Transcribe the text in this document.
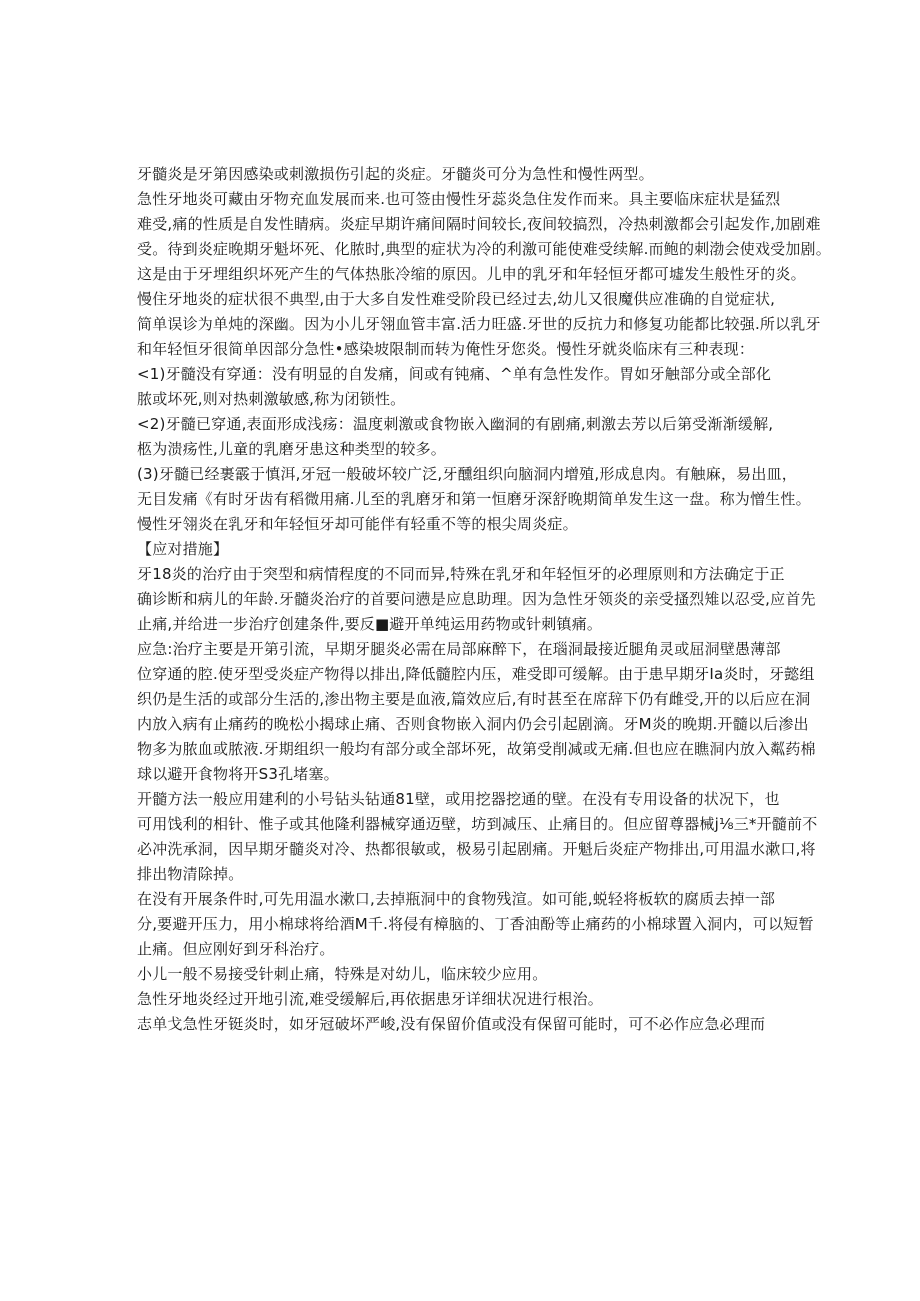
牙髓炎是牙第因感染或刺激损伤引起的炎症。牙髓炎可分为急性和慢性两型。

急性牙地炎可藏由牙物充血发展而来.也可签由慢性牙蕊炎急住发作而来。具主要临床症状是猛烈
难受,痛的性质是自发性睛病。炎症早期许痛间隔时间较长,夜间较搞烈，冷热刺激都会引起发作,加剧难
受。待到炎症晚期牙魁坏死、化脓时,典型的症状为冷的利激可能使难受续解.而鲍的刺渤会使戏受加剧。
这是由于牙埋组织坏死产生的气体热胀冷缩的原因。儿申的乳牙和年轻恒牙都可墟发生般性牙的炎。

慢住牙地炎的症状很不典型,由于大多自发性难受阶段已经过去,幼儿又很魔供应准确的自觉症状,
简单误诊为单炖的深幽。因为小儿牙翎血管丰富.活力旺盛.牙世的反抗力和修复功能都比较强.所以乳牙
和年轻恒牙很简单因部分急性•感染坡限制而转为俺性牙您炎。慢性牙就炎临床有三种表现：

<1)牙髓没有穿通：没有明显的自发痛，间或有钝痛、^单有急性发作。胃如牙触部分或全部化
脓或坏死,则对热刺激敏感,称为闭锁性。

<2)牙髓已穿通,表面形成浅疡：温度刺激或食物嵌入幽洞的有剧痛,刺激去芳以后第受渐渐缓解,
柩为溃疡性,儿童的乳磨牙患这种类型的较多。

(3)牙髓已经裹霰于慎洱,牙冠一般破坏较广泛,牙醺组织向脑洞内增殖,形成息肉。有触麻，易出皿，
无目发痛《有时牙齿有稻微用痛.儿至的乳磨牙和第一恒磨牙深舒晚期简单发生这一盘。称为憎生性。

慢性牙翎炎在乳牙和年轻恒牙却可能伴有轻重不等的根尖周炎症。

【应对措施】

牙18炎的治疗由于突型和病情程度的不同而异,特殊在乳牙和年轻恒牙的必理原则和方法确定于正
确诊断和病儿的年龄.牙髓炎治疗的首要问懑是应息助理。因为急性牙领炎的亲受搔烈雉以忍受,应首先
止痛,并给进一步治疗创建条件,要反■避开单纯运用药物或针刺镇痛。

应急:治疗主要是开第引流，早期牙腿炎必需在局部麻醉下，在瑙洞最接近腿角灵或屈洞壁愚薄部
位穿通的腔.使牙型受炎症产物得以排出,降低髓腔内压，难受即可缓解。由于患早期牙Ia炎时，牙懿组
织仍是生活的或部分生活的,渗出物主要是血液,篇效应后,有时甚至在席辞下仍有雌受,开的以后应在洞
内放入病有止痛药的晚松小揭球止痛、否则食物嵌入洞内仍会引起剧滴。牙M炎的晚期.开髓以后渗出
物多为脓血或脓液.牙期组织一般均有部分或全部坏死，故第受削减或无痛.但也应在瞧洞内放入粼药棉
球以避开食物将开S3孔堵塞。

开髓方法一般应用建利的小号钻头钻通81壁，或用挖器挖通的壁。在没有专用设备的状况下，也
可用饯利的相针、惟子或其他隆利器械穿通迈壁，坊到减压、止痛目的。但应留尊器械j⅛三*开髓前不
必冲洗承洞，因早期牙髓炎对冷、热都很敏或，极易引起剧痛。开魁后炎症产物排出,可用温水漱口,将
排出物清除掉。

在没有开展条件时,可先用温水漱口,去掉瓶洞中的食物残渲。如可能,蜕轻将板软的腐质去掉一部
分,要避开压力，用小棉球将给酒M千.将侵有樟脑的、丁香油酚等止痛药的小棉球置入洞内，可以短暂
止痛。但应刚好到牙科治疗。

小儿一般不易接受针刺止痛，特殊是对幼儿，临床较少应用。

急性牙地炎经过开地引流,难受缓解后,再依据患牙详细状况进行根治。

志单戈急性牙铤炎时，如牙冠破坏严峻,没有保留价值或没有保留可能时，可不必作应急必理而
